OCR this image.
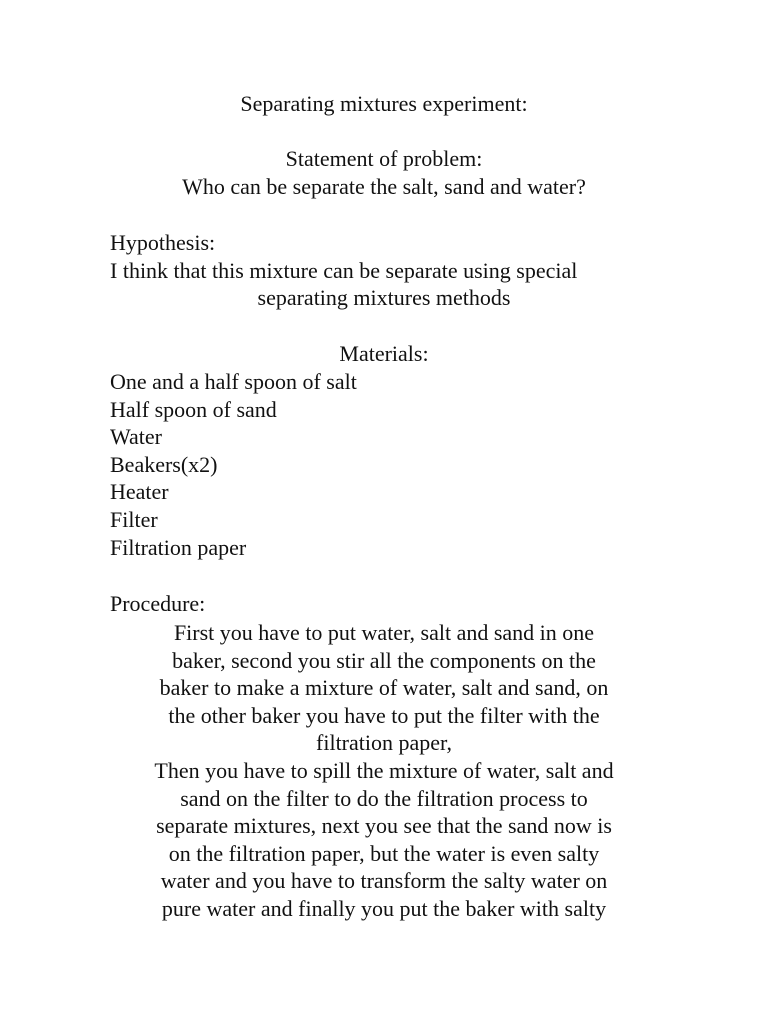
Separating mixtures experiment:
Statement of problem:
Who can be separate the salt, sand and water?
Hypothesis:
I think that this mixture can be separate using special
separating mixtures methods
Materials:
One and a half spoon of salt
Half spoon of sand
Water
Beakers(x2)
Heater
Filter
Filtration paper
Procedure:
First you have to put water, salt and sand in one
baker, second you stir all the components on the
baker to make a mixture of water, salt and sand, on
the other baker you have to put the filter with the
filtration paper,
Then you have to spill the mixture of water, salt and
sand on the filter to do the filtration process to
separate mixtures, next you see that the sand now is
on the filtration paper, but the water is even salty
water and you have to transform the salty water on
pure water and finally you put the baker with salty
